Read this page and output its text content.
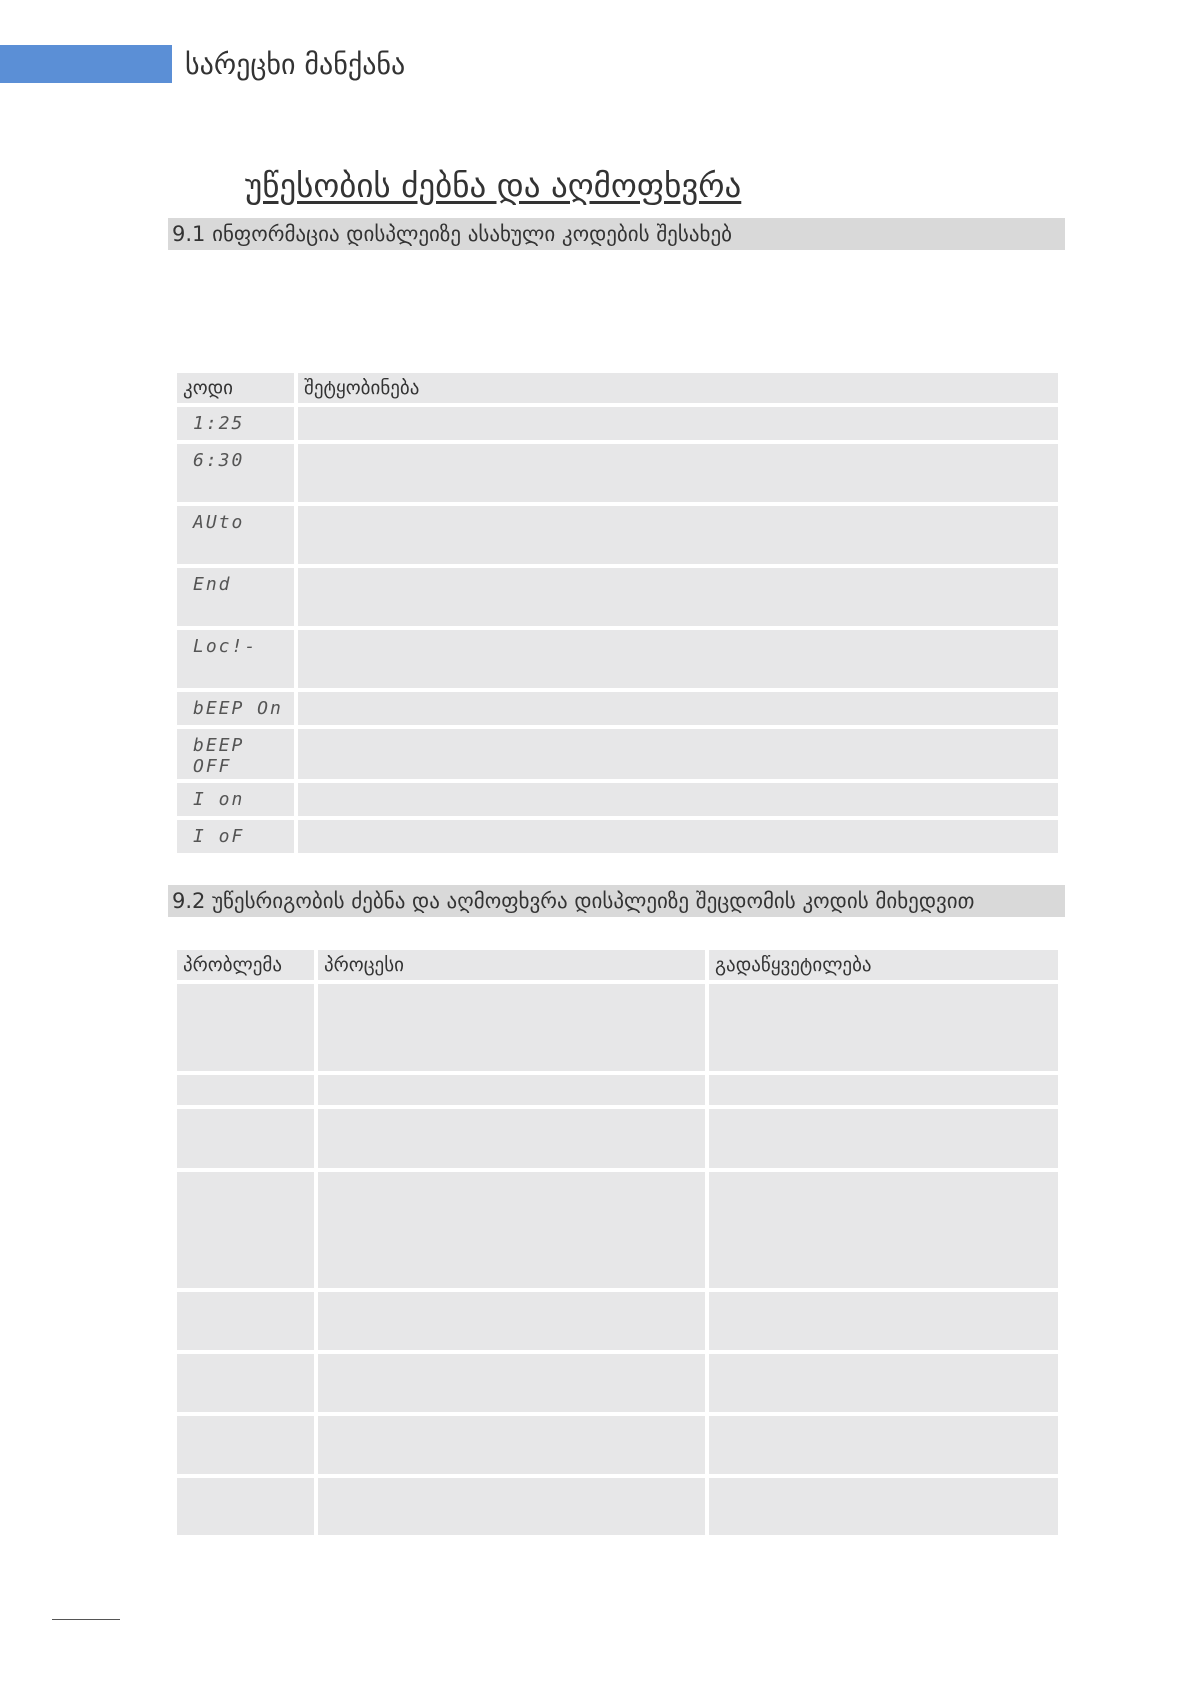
სარეცხი მანქანა
უწესობის ძებნა და აღმოფხვრა
9.1 ინფორმაცია დისპლეიზე ასახული კოდების შესახებ
კოდი	შეტყობინება
1:25	
6:30	
AUto	
End	
Loc!-	
bEEP On	
bEEP OFF	
I on	
I oF	
9.2 უწესრიგობის ძებნა და აღმოფხვრა დისპლეიზე შეცდომის კოდის მიხედვით
პრობლემა	პროცესი	გადაწყვეტილება
